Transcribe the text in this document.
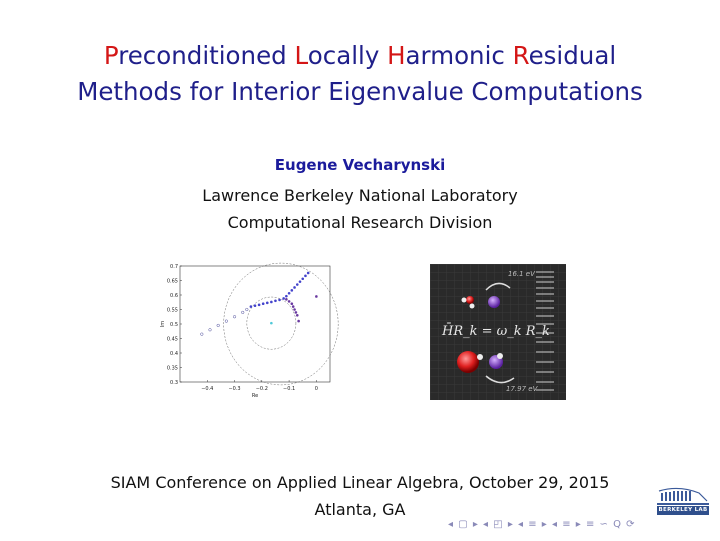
Preconditioned Locally Harmonic Residual
Methods for Interior Eigenvalue Computations
Eugene Vecharynski
Lawrence Berkeley National Laboratory
Computational Research Division
−0.4	−0.3	−0.2	−0.1	0
0.3
0.35
0.4
0.45
0.5
0.55
0.6
0.65
0.7
Re
Im
16.1 eV
H̄R_k = ω_k R_k
17.97 eV
SIAM Conference on Applied Linear Algebra, October 29, 2015
Atlanta, GA	BERKELEY LAB
◂ ▢ ▸ ◂ ◰ ▸ ◂ ≡ ▸ ◂ ≡ ▸ ≡ ∽ 𝖰 ⟳
